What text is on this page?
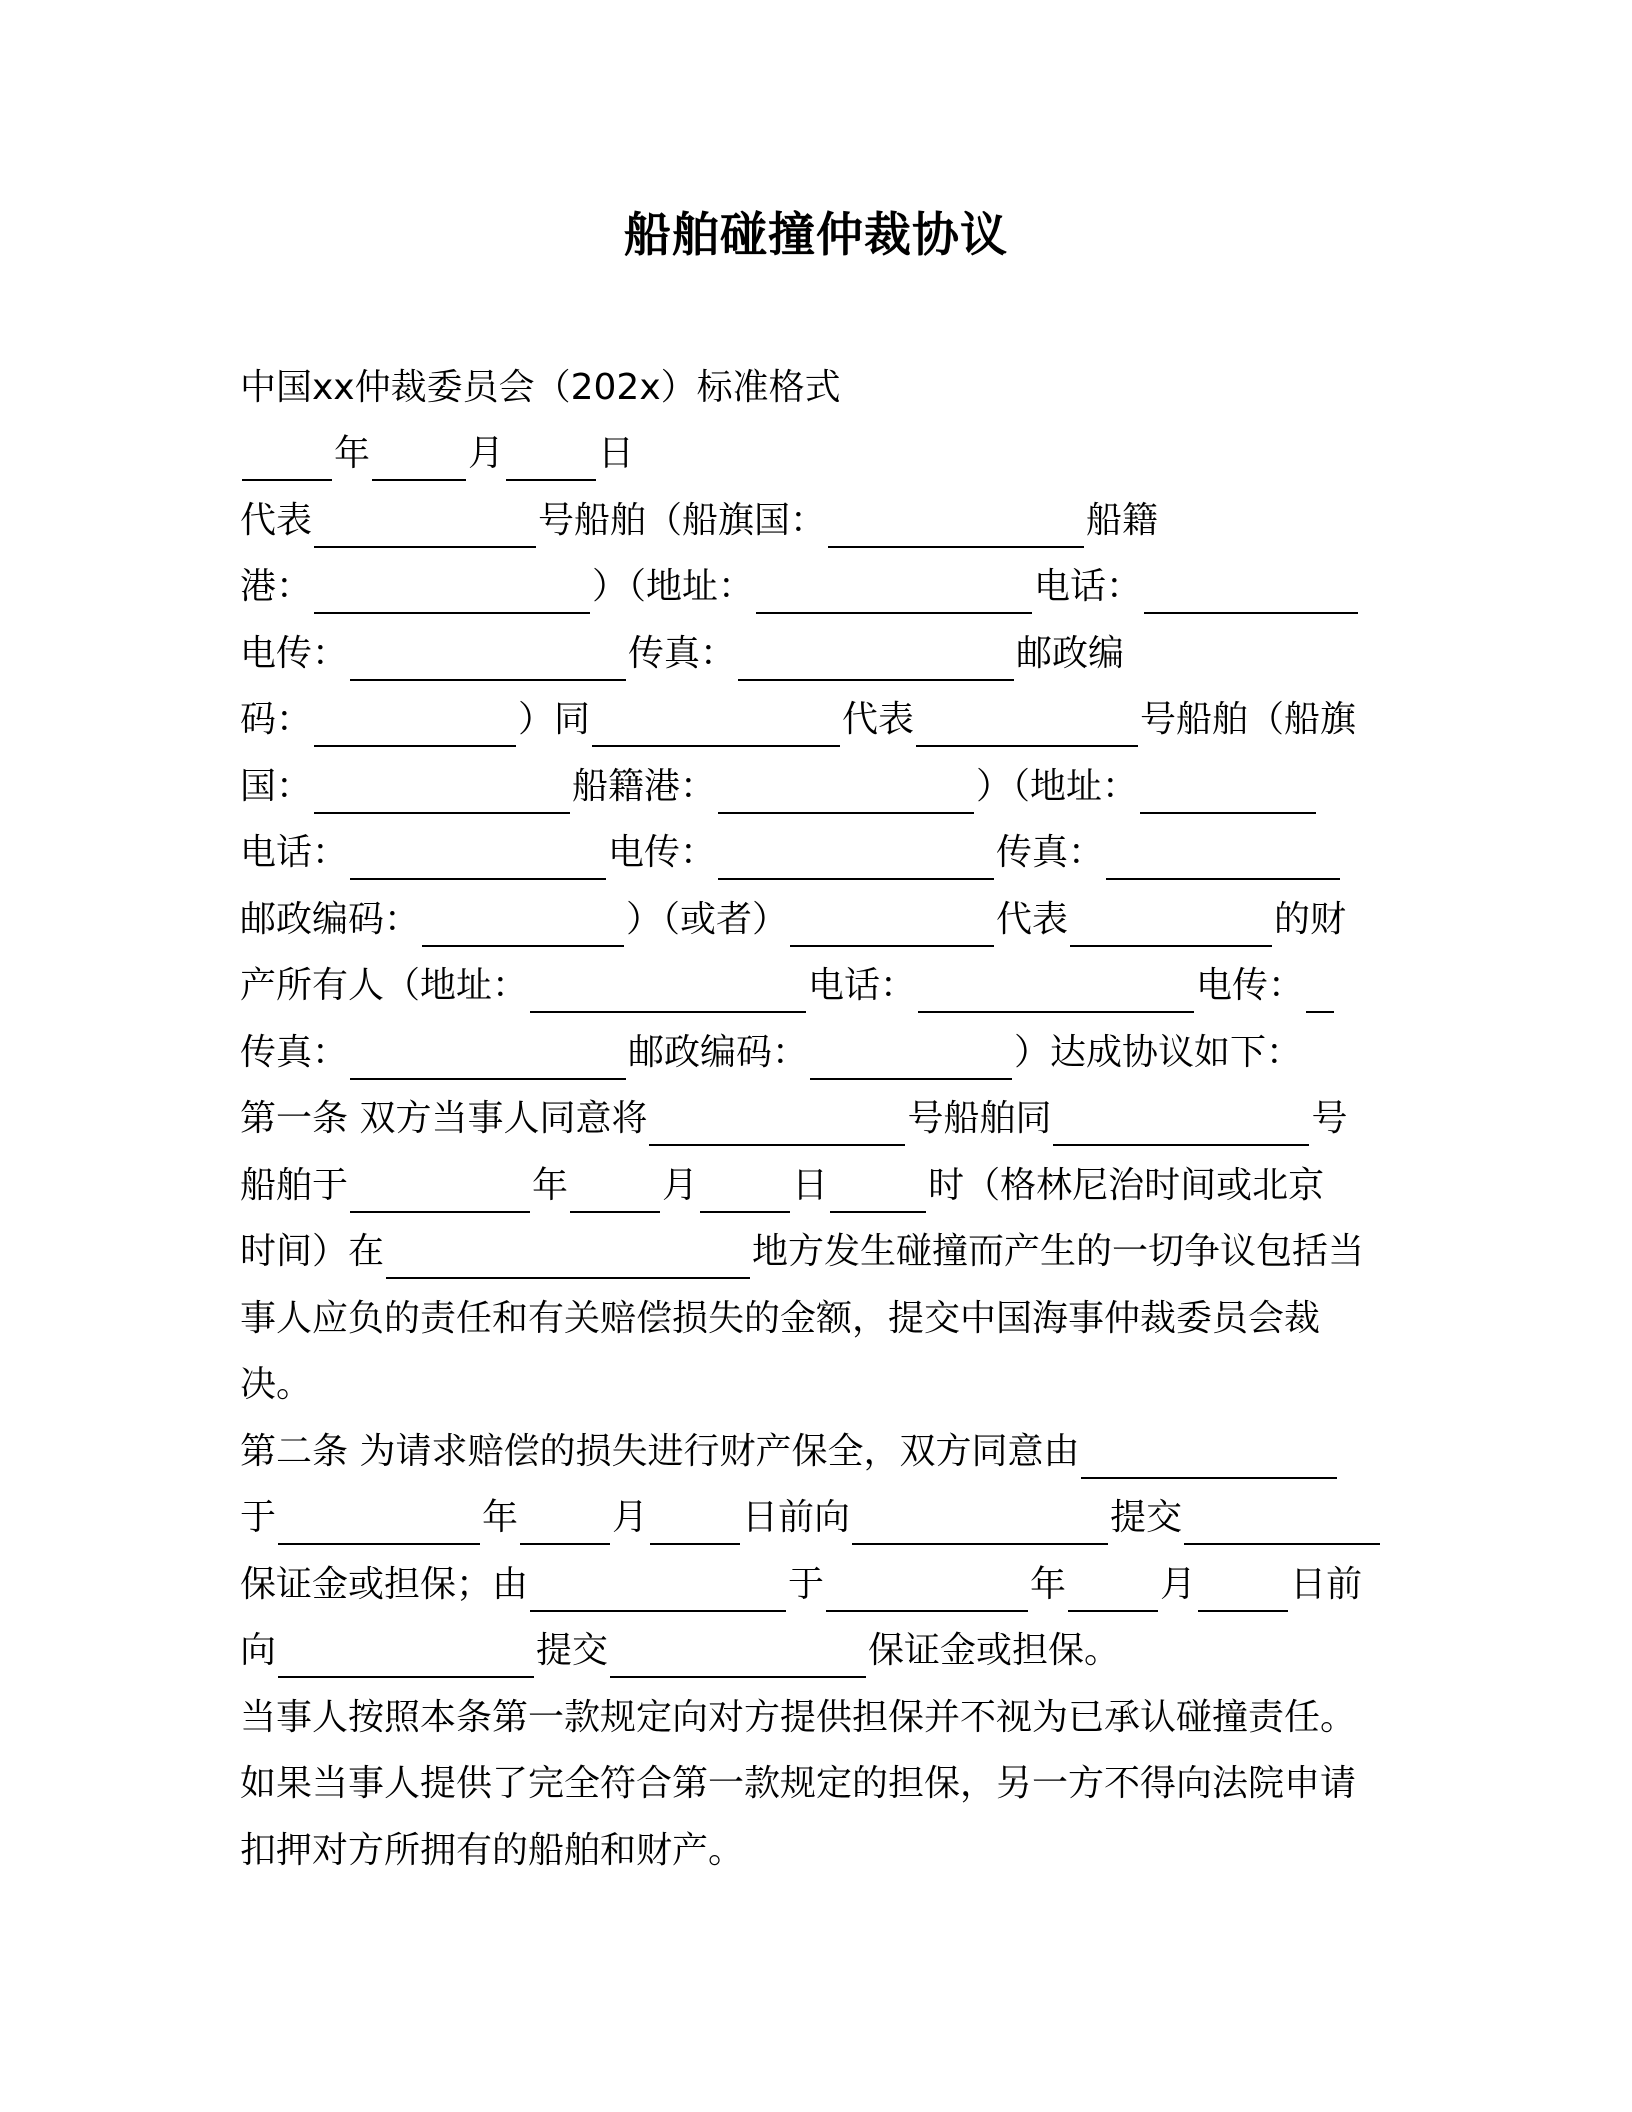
船舶碰撞仲裁协议
中国xx仲裁委员会（202x）标准格式
年	月	日
代表	号船舶（船旗国：	船籍
港：	）（地址：	电话：
电传：	传真：	邮政编
码：	）同	代表	号船舶（船旗
国：	船籍港：	）（地址：
电话：	电传：	传真：
邮政编码：	）（或者）	代表	的财
产所有人（地址：	电话：	电传：
传真：	邮政编码：	）达成协议如下：
第一条 双方当事人同意将	号船舶同	号
船舶于	年	月	日	时（格林尼治时间或北京
时间）在	地方发生碰撞而产生的一切争议包括当
事人应负的责任和有关赔偿损失的金额，提交中国海事仲裁委员会裁
决。
第二条 为请求赔偿的损失进行财产保全，双方同意由
于	年	月	日前向	提交
保证金或担保；由	于	年	月	日前
向	提交	保证金或担保。
当事人按照本条第一款规定向对方提供担保并不视为已承认碰撞责任。
如果当事人提供了完全符合第一款规定的担保，另一方不得向法院申请
扣押对方所拥有的船舶和财产。
